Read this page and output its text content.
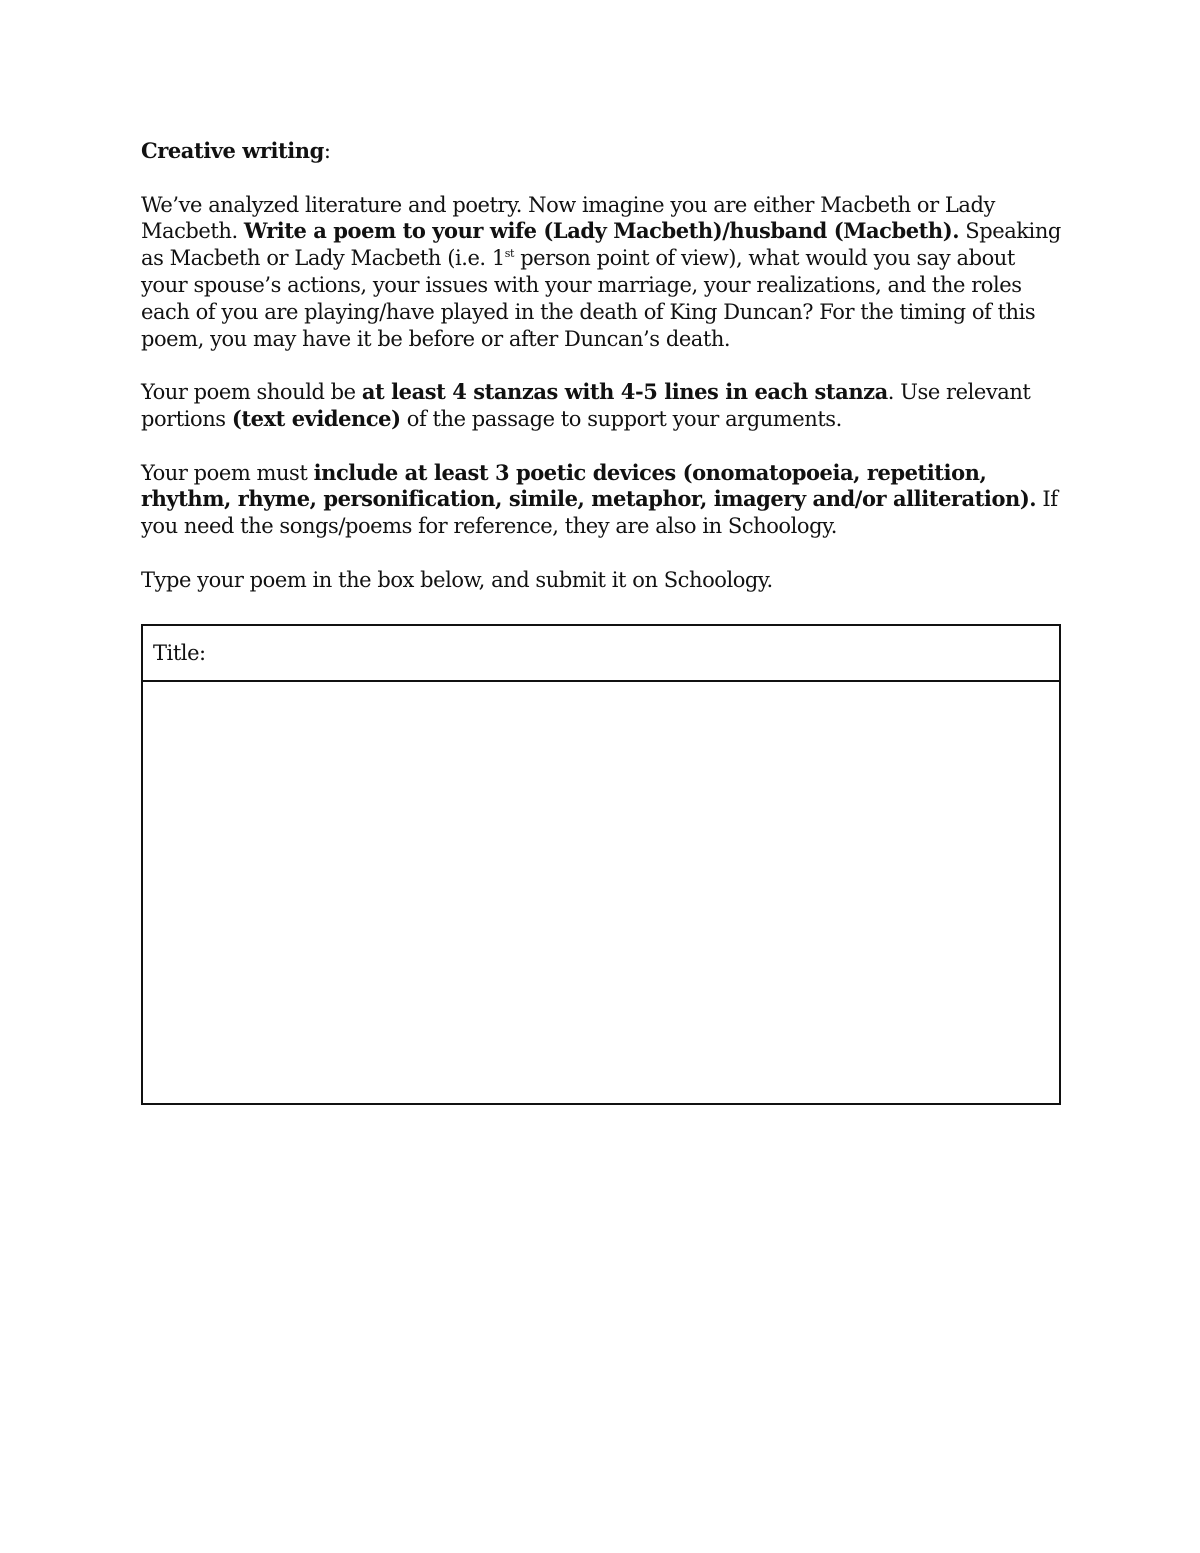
Creative writing:

We’ve analyzed literature and poetry. Now imagine you are either Macbeth or Lady Macbeth. Write a poem to your wife (Lady Macbeth)/husband (Macbeth). Speaking as Macbeth or Lady Macbeth (i.e. 1st person point of view), what would you say about your spouse’s actions, your issues with your marriage, your realizations, and the roles each of you are playing/have played in the death of King Duncan? For the timing of this poem, you may have it be before or after Duncan’s death.

Your poem should be at least 4 stanzas with 4-5 lines in each stanza. Use relevant portions (text evidence) of the passage to support your arguments.

Your poem must include at least 3 poetic devices (onomatopoeia, repetition, rhythm, rhyme, personification, simile, metaphor, imagery and/or alliteration). If you need the songs/poems for reference, they are also in Schoology.

Type your poem in the box below, and submit it on Schoology.

Title:
